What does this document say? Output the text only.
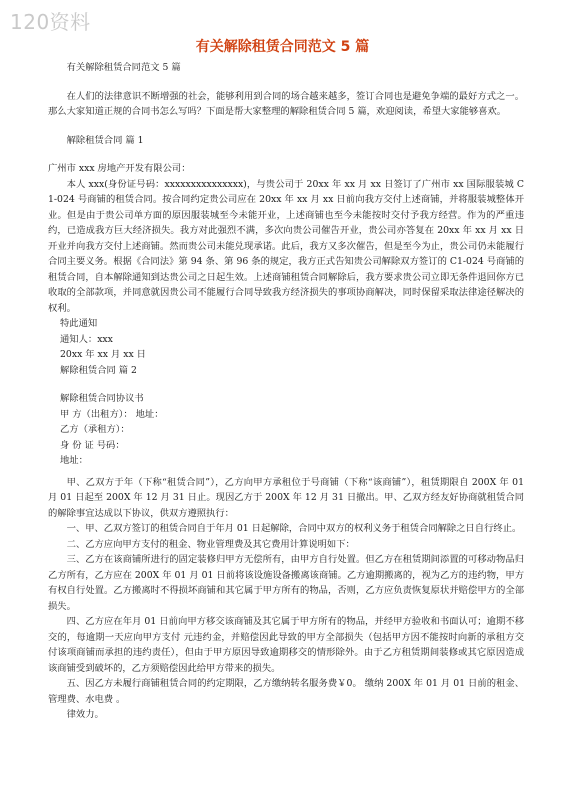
120资料
有关解除租赁合同范文 5 篇

有关解除租赁合同范文 5 篇

在人们的法律意识不断增强的社会，能够利用到合同的场合越来越多，签订合同也是避免争端的最好方式之一。那么大家知道正规的合同书怎么写吗？下面是帮大家整理的解除租赁合同 5 篇，欢迎阅读，希望大家能够喜欢。

解除租赁合同 篇 1

广州市 xxx 房地产开发有限公司：

本人 xxx(身份证号码：xxxxxxxxxxxxxxx)，与贵公司于 20xx 年 xx 月 xx 日签订了广州市 xx 国际服装城 C1-024 号商铺的租赁合同。按合同约定贵公司应在 20xx 年 xx 月 xx 日前向我方交付上述商铺，并将服装城整体开业。但是由于贵公司单方面的原因服装城至今未能开业，上述商铺也至今未能按时交付予我方经营。作为的严重违约，已造成我方巨大经济损失。我方对此强烈不满，多次向贵公司催告开业，贵公司亦答复在 20xx 年 xx 月 xx 日开业并向我方交付上述商铺。然而贵公司未能兑现承诺。此后，我方又多次催告，但是至今为止，贵公司仍未能履行合同主要义务。根据《合同法》第 94 条、第 96 条的规定，我方正式告知贵公司解除双方签订的 C1-024 号商铺的租赁合同，自本解除通知到达贵公司之日起生效。上述商铺租赁合同解除后，我方要求贵公司立即无条件退回你方已收取的全部款项，并同意就因贵公司不能履行合同导致我方经济损失的事项协商解决，同时保留采取法律途径解决的权利。

特此通知

通知人：xxx

20xx 年 xx 月 xx 日

解除租赁合同 篇 2

解除租赁合同协议书

甲 方（出租方）： 地址：

乙方（承租方）：

身 份 证 号码：

地址：

甲、乙双方于年（下称“租赁合同”），乙方向甲方承租位于号商铺（下称“该商铺”），租赁期限自 200X 年 01 月 01 日起至 200X 年 12 月 31 日止。现因乙方于 200X 年 12 月 31 日撤出。甲、乙双方经友好协商就租赁合同的解除事宜达成以下协议，供双方遵照执行：

一、甲、乙双方签订的租赁合同自于年月 01 日起解除，合同中双方的权利义务于租赁合同解除之日自行终止。

二、乙方应向甲方支付的租金、物业管理费及其它费用计算说明如下：

三、乙方在该商铺所进行的固定装修归甲方无偿所有，由甲方自行处置。但乙方在租赁期间添置的可移动物品归乙方所有，乙方应在 200X 年 01 月 01 日前将该设施设备搬离该商铺。乙方逾期搬离的，视为乙方的违约物，甲方有权自行处置。乙方搬离时不得损坏商铺和其它属于甲方所有的物品，否则，乙方应负责恢复原状并赔偿甲方的全部损失。

四、乙方应在年月 01 日前向甲方移交该商铺及其它属于甲方所有的物品，并经甲方验收和书面认可；逾期不移交的，每逾期一天应向甲方支付 元违约金，并赔偿因此导致的甲方全部损失（包括甲方因不能按时向新的承租方交付该项商铺而承担的违约责任），但由于甲方原因导致逾期移交的情形除外。由于乙方租赁期间装修或其它原因造成该商铺受到破坏的，乙方须赔偿因此给甲方带来的损失。

五、因乙方未履行商铺租赁合同的约定期限，乙方缴纳转名服务费￥0。 缴纳 200X 年 01 月 01 日前的租金、管理费、水电费 。

律效力。
